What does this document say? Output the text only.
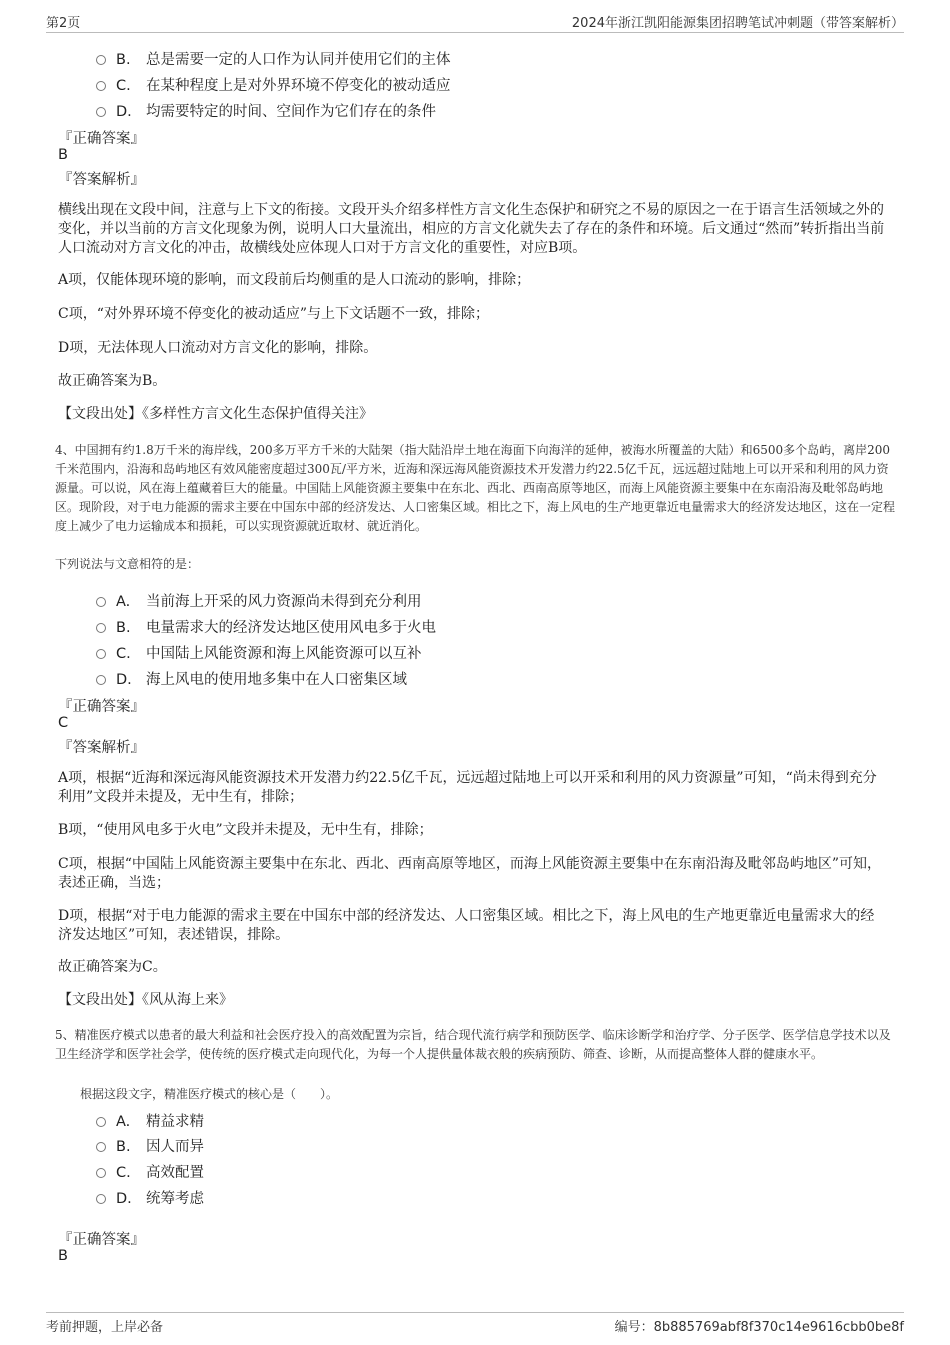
第2页	2024年浙江凯阳能源集团招聘笔试冲刺题（带答案解析）
B. 总是需要一定的人口作为认同并使用它们的主体
C. 在某种程度上是对外界环境不停变化的被动适应
D. 均需要特定的时间、空间作为它们存在的条件
『正确答案』
B
『答案解析』
横线出现在文段中间，注意与上下文的衔接。文段开头介绍多样性方言文化生态保护和研究之不易的原因之一在于语言生活领域之外的变化，并以当前的方言文化现象为例，说明人口大量流出，相应的方言文化就失去了存在的条件和环境。后文通过“然而”转折指出当前人口流动对方言文化的冲击，故横线处应体现人口对于方言文化的重要性，对应B项。
A项，仅能体现环境的影响，而文段前后均侧重的是人口流动的影响，排除；
C项，“对外界环境不停变化的被动适应”与上下文话题不一致，排除；
D项，无法体现人口流动对方言文化的影响，排除。
故正确答案为B。
【文段出处】《多样性方言文化生态保护值得关注》
4、中国拥有约1.8万千米的海岸线，200多万平方千米的大陆架（指大陆沿岸土地在海面下向海洋的延伸，被海水所覆盖的大陆）和6500多个岛屿，离岸200千米范围内，沿海和岛屿地区有效风能密度超过300瓦/平方米，近海和深远海风能资源技术开发潜力约22.5亿千瓦，远远超过陆地上可以开采和利用的风力资源量。可以说，风在海上蕴藏着巨大的能量。中国陆上风能资源主要集中在东北、西北、西南高原等地区，而海上风能资源主要集中在东南沿海及毗邻岛屿地区。现阶段，对于电力能源的需求主要在中国东中部的经济发达、人口密集区域。相比之下，海上风电的生产地更靠近电量需求大的经济发达地区，这在一定程度上减少了电力运输成本和损耗，可以实现资源就近取材、就近消化。
下列说法与文意相符的是：
A. 当前海上开采的风力资源尚未得到充分利用
B. 电量需求大的经济发达地区使用风电多于火电
C. 中国陆上风能资源和海上风能资源可以互补
D. 海上风电的使用地多集中在人口密集区域
『正确答案』
C
『答案解析』
A项，根据“近海和深远海风能资源技术开发潜力约22.5亿千瓦，远远超过陆地上可以开采和利用的风力资源量”可知，“尚未得到充分利用”文段并未提及，无中生有，排除；
B项，“使用风电多于火电”文段并未提及，无中生有，排除；
C项，根据“中国陆上风能资源主要集中在东北、西北、西南高原等地区，而海上风能资源主要集中在东南沿海及毗邻岛屿地区”可知，表述正确，当选；
D项，根据“对于电力能源的需求主要在中国东中部的经济发达、人口密集区域。相比之下，海上风电的生产地更靠近电量需求大的经济发达地区”可知，表述错误，排除。
故正确答案为C。
【文段出处】《风从海上来》
5、精准医疗模式以患者的最大利益和社会医疗投入的高效配置为宗旨，结合现代流行病学和预防医学、临床诊断学和治疗学、分子医学、医学信息学技术以及卫生经济学和医学社会学，使传统的医疗模式走向现代化，为每一个人提供量体裁衣般的疾病预防、筛查、诊断，从而提高整体人群的健康水平。
根据这段文字，精准医疗模式的核心是（　　）。
A. 精益求精
B. 因人而异
C. 高效配置
D. 统筹考虑
『正确答案』
B
考前押题，上岸必备	编号：8b885769abf8f370c14e9616cbb0be8f
